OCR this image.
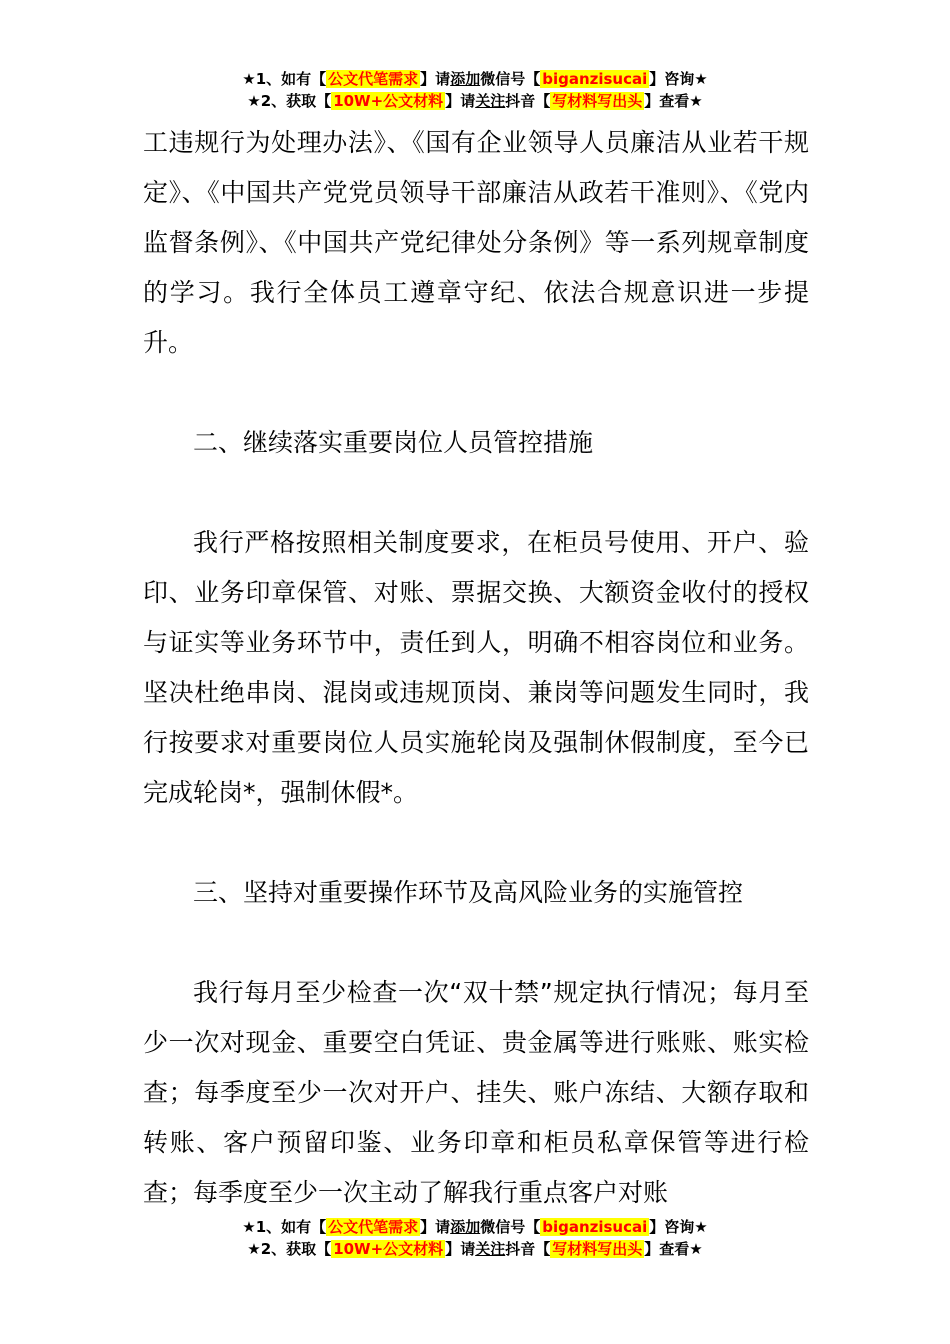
★1、如有【 公文代笔需求 】请添加微信号【 biganzisucai 】咨询★
★2、获取【 10W+公文材料 】请关注抖音【 写材料写出头 】查看★

工违规行为处理办法》、《国有企业领导人员廉洁从业若干规定》、《中国共产党党员领导干部廉洁从政若干准则》、《党内监督条例》、《中国共产党纪律处分条例》等一系列规章制度的学习。我行全体员工遵章守纪、依法合规意识进一步提升。

二、继续落实重要岗位人员管控措施

我行严格按照相关制度要求，在柜员号使用、开户、验印、业务印章保管、对账、票据交换、大额资金收付的授权与证实等业务环节中，责任到人，明确不相容岗位和业务。坚决杜绝串岗、混岗或违规顶岗、兼岗等问题发生同时，我行按要求对重要岗位人员实施轮岗及强制休假制度，至今已完成轮岗*，强制休假*。

三、坚持对重要操作环节及高风险业务的实施管控

我行每月至少检查一次“双十禁”规定执行情况；每月至少一次对现金、重要空白凭证、贵金属等进行账账、账实检查；每季度至少一次对开户、挂失、账户冻结、大额存取和转账、客户预留印鉴、业务印章和柜员私章保管等进行检查；每季度至少一次主动了解我行重点客户对账

★1、如有【 公文代笔需求 】请添加微信号【 biganzisucai 】咨询★
★2、获取【 10W+公文材料 】请关注抖音【 写材料写出头 】查看★
